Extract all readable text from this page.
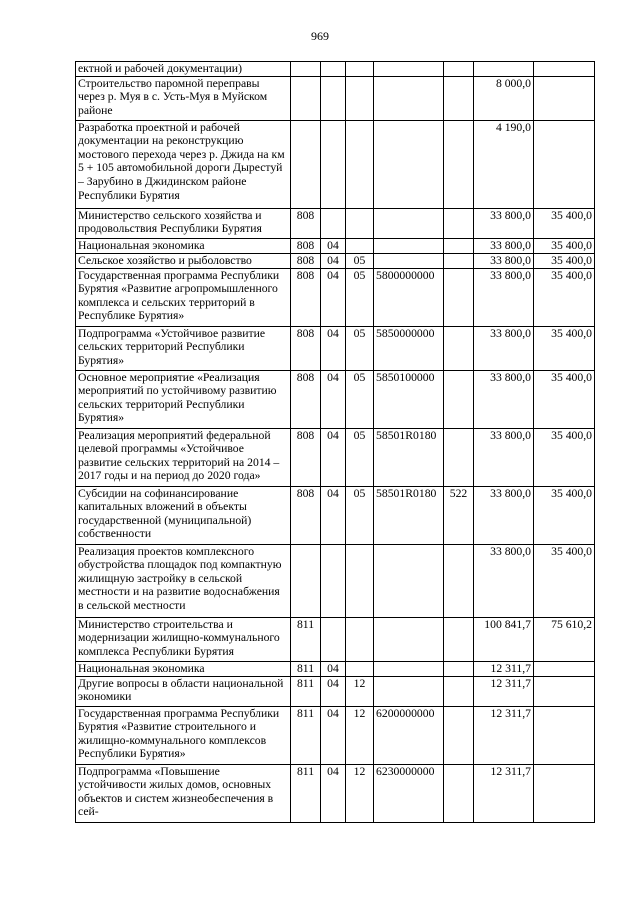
969
ектной и рабочей документации)							
Строительство паромной переправы через р. Муя в с. Усть-Муя в Муйском районе						8 000,0	
Разработка проектной и рабочей документации на реконструкцию мостового перехода через р. Джида на км 5 + 105 автомобильной дороги Дырестуй – Зарубино в Джидинском районе Республики Бурятия						4 190,0	
Министерство сельского хозяйства и продовольствия Республики Бурятия	808					33 800,0	35 400,0
Национальная экономика	808	04				33 800,0	35 400,0
Сельское хозяйство и рыболовство	808	04	05			33 800,0	35 400,0
Государственная программа Республики Бурятия «Развитие агропромышленного комплекса и сельских территорий в Республике Бурятия»	808	04	05	5800000000		33 800,0	35 400,0
Подпрограмма «Устойчивое развитие сельских территорий Республики Бурятия»	808	04	05	5850000000		33 800,0	35 400,0
Основное мероприятие «Реализация мероприятий по устойчивому развитию сельских территорий Республики Бурятия»	808	04	05	5850100000		33 800,0	35 400,0
Реализация мероприятий федеральной целевой программы «Устойчивое развитие сельских территорий на 2014 – 2017 годы и на период до 2020 года»	808	04	05	58501R0180		33 800,0	35 400,0
Субсидии на софинансирование капитальных вложений в объекты государственной (муниципальной) собственности	808	04	05	58501R0180	522	33 800,0	35 400,0
Реализация проектов комплексного обустройства площадок под компактную жилищную застройку в сельской местности и на развитие водоснабжения в сельской местности						33 800,0	35 400,0
Министерство строительства и модернизации жилищно-коммунального комплекса Республики Бурятия	811					100 841,7	75 610,2
Национальная экономика	811	04				12 311,7	
Другие вопросы в области национальной экономики	811	04	12			12 311,7	
Государственная программа Республики Бурятия «Развитие строительного и жилищно-коммунального комплексов Республики Бурятия»	811	04	12	6200000000		12 311,7	
Подпрограмма «Повышение устойчивости жилых домов, основных объектов и систем жизнеобеспечения в сей-	811	04	12	6230000000		12 311,7	
